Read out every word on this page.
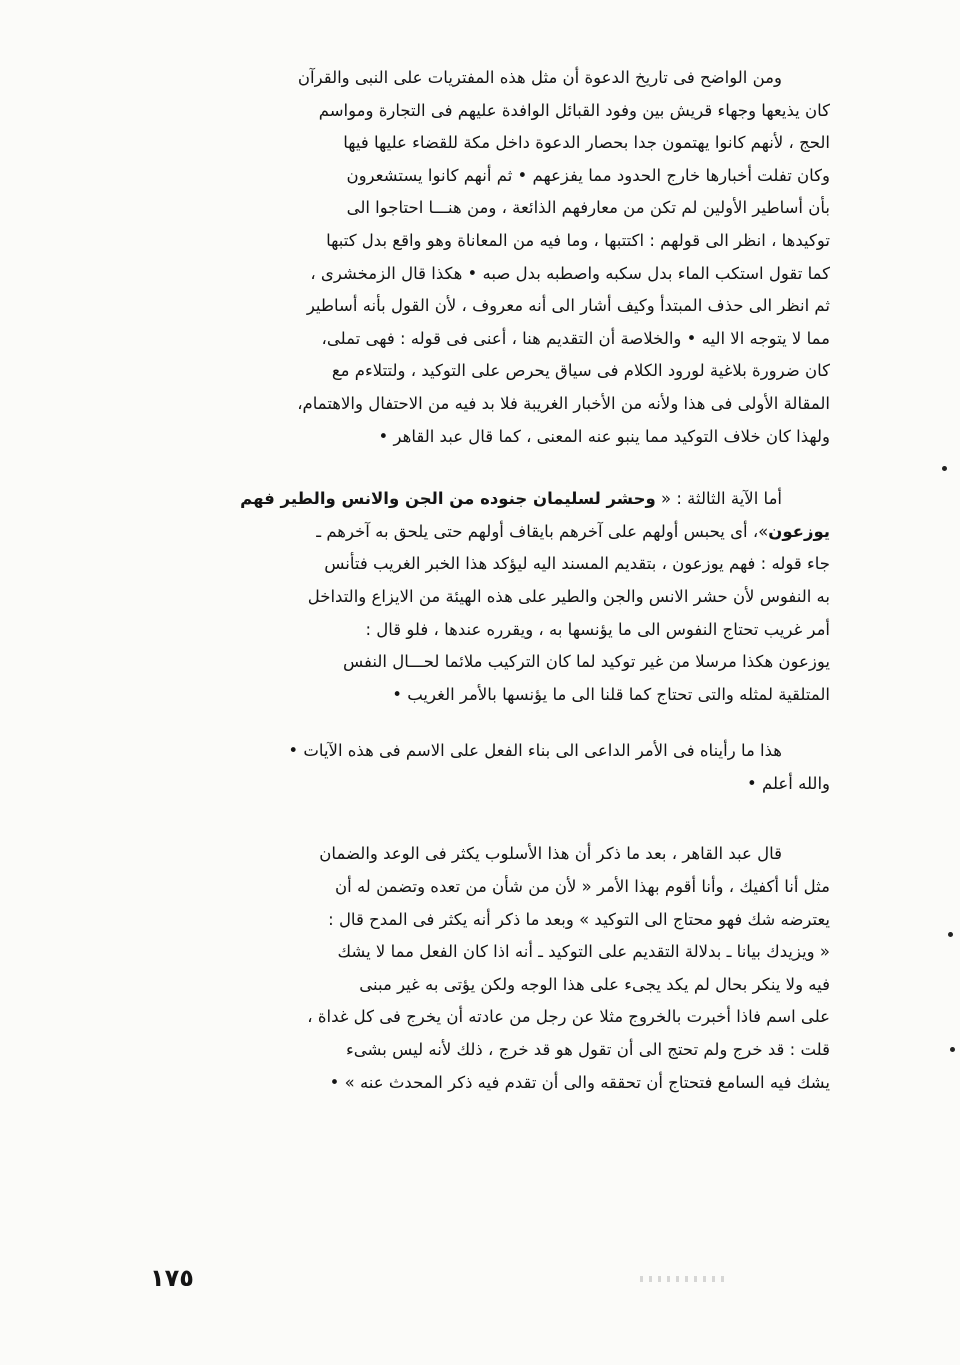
ومن الواضح فى تاريخ الدعوة أن مثل هذه المفتريات على النبى والقرآن
كان يذيعها وجهاء قريش بين وفود القبائل الوافدة عليهم فى التجارة ومواسم
الحج ، لأنهم كانوا يهتمون جدا بحصار الدعوة داخل مكة للقضاء عليها فيها
وكان تفلت أخبارها خارج الحدود مما يفزعهم • ثم أنهم كانوا يستشعرون
بأن أساطير الأولين لم تكن من معارفهم الذائعة ، ومن هنـــا احتاجوا الى
توكيدها ، انظر الى قولهم : اكتتبها ، وما فيه من المعاناة وهو واقع بدل كتبها
كما تقول استكب الماء بدل سكبه واصطبه بدل صبه • هكذا قال الزمخشرى ،
ثم انظر الى حذف المبتدأ وكيف أشار الى أنه معروف ، لأن القول بأنه أساطير
مما لا يتوجه الا اليه • والخلاصة أن التقديم هنا ، أعنى فى قوله : فهى تملى،
كان ضرورة بلاغية لورود الكلام فى سياق يحرص على التوكيد ، ولتتلاءم مع
المقالة الأولى فى هذا ولأنه من الأخبار الغريبة فلا بد فيه من الاحتفال والاهتمام،
ولهذا كان خلاف التوكيد مما ينبو عنه المعنى ، كما قال عبد القاهر •

أما الآية الثالثة : « وحشر لسليمان جنوده من الجن والانس والطير فهم
يوزعون»، أى يحبس أولهم على آخرهم بايقاف أولهم حتى يلحق به آخرهم ـ
جاء قوله : فهم يوزعون ، بتقديم المسند اليه ليؤكد هذا الخبر الغريب فتأنس
به النفوس لأن حشر الانس والجن والطير على هذه الهيئة من الايزاع والتداخل
أمر غريب تحتاج النفوس الى ما يؤنسها به ، ويقرره عندها ، فلو قال :
يوزعون هكذا مرسلا من غير توكيد لما كان التركيب ملائما لحـــال النفس
المتلقية لمثله والتى تحتاج كما قلنا الى ما يؤنسها بالأمر الغريب •

هذا ما رأيناه فى الأمر الداعى الى بناء الفعل على الاسم فى هذه الآيات •
والله أعلم •

قال عبد القاهر ، بعد ما ذكر أن هذا الأسلوب يكثر فى الوعد والضمان
مثل أنا أكفيك ، وأنا أقوم بهذا الأمر « لأن من شأن من تعده وتضمن له أن
يعترضه شك فهو محتاج الى التوكيد » وبعد ما ذكر أنه يكثر فى المدح قال :
« ويزيدك بيانا ـ بدلالة التقديم على التوكيد ـ أنه اذا كان الفعل مما لا يشك
فيه ولا ينكر بحال لم يكد يجىء على هذا الوجه ولكن يؤتى به غير مبنى
على اسم فاذا أخبرت بالخروج مثلا عن رجل من عادته أن يخرج فى كل غداة ،
قلت : قد خرج ولم تحتج الى أن تقول هو قد خرج ، ذلك لأنه ليس بشىء
يشك فيه السامع فتحتاج أن تحققه والى أن تقدم فيه ذكر المحدث عنه » •

١٧٥
